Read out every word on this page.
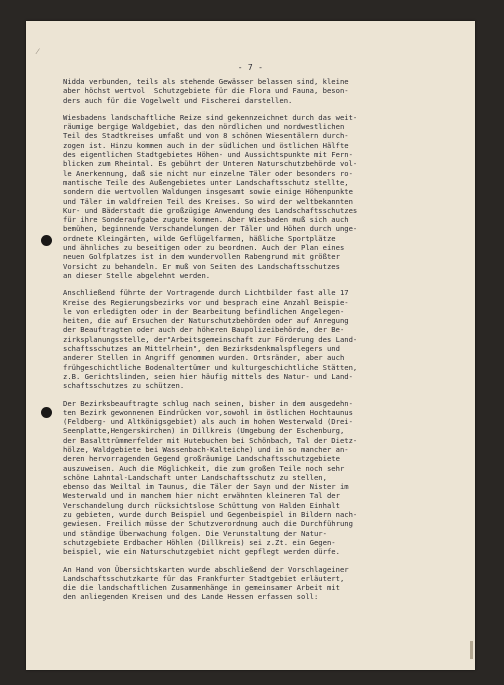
⁄
- 7 -
Nidda verbunden, teils als stehende Gewässer belassen sind, kleine
aber höchst wertvol  Schutzgebiete für die Flora und Fauna, beson-
ders auch für die Vogelwelt und Fischerei darstellen.
Wiesbadens landschaftliche Reize sind gekennzeichnet durch das weit-
räumige bergige Waldgebiet, das den nördlichen und nordwestlichen
Teil des Stadtkreises umfaßt und von 8 schönen Wiesentälern durch-
zogen ist. Hinzu kommen auch in der südlichen und östlichen Hälfte
des eigentlichen Stadtgebietes Höhen- und Aussichtspunkte mit Fern-
blicken zum Rheintal. Es gebührt der Unteren Naturschutzbehörde vol-
le Anerkennung, daß sie nicht nur einzelne Täler oder besonders ro-
mantische Teile des Außengebietes unter Landschaftsschutz stellte,
sondern die wertvollen Waldungen insgesamt sowie einige Höhenpunkte
und Täler im waldfreien Teil des Kreises. So wird der weltbekannten
Kur- und Bäderstadt die großzügige Anwendung des Landschaftsschutzes
für ihre Sonderaufgabe zugute kommen. Aber Wiesbaden muß sich auch
bemühen, beginnende Verschandelungen der Täler und Höhen durch unge-
ordnete Kleingärten, wilde Geflügelfarmen, häßliche Sportplätze
und ähnliches zu beseitigen oder zu beordnen. Auch der Plan eines
neuen Golfplatzes ist in dem wundervollen Rabengrund mit größter
Vorsicht zu behandeln. Er muß von Seiten des Landschaftsschutzes
an dieser Stelle abgelehnt werden.
Anschließend führte der Vortragende durch Lichtbilder fast alle 17
Kreise des Regierungsbezirks vor und besprach eine Anzahl Beispie-
le von erledigten oder in der Bearbeitung befindlichen Angelegen-
heiten, die auf Ersuchen der Naturschutzbehörden oder auf Anregung
der Beauftragten oder auch der höheren Baupolizeibehörde, der Be-
zirksplanungsstelle, der"Arbeitsgemeinschaft zur Förderung des Land-
schaftsschutzes am Mittelrhein", den Bezirksdenkmalspflegers und
anderer Stellen in Angriff genommen wurden. Ortsränder, aber auch
frühgeschichtliche Bodenaltertümer und kulturgeschichtliche Stätten,
z.B. Gerichtslinden, seien hier häufig mittels des Natur- und Land-
schaftsschutzes zu schützen.
Der Bezirksbeauftragte schlug nach seinen, bisher in dem ausgedehn-
ten Bezirk gewonnenen Eindrücken vor,sowohl im östlichen Hochtaunus
(Feldberg- und Altkönigsgebiet) als auch im hohen Westerwald (Drei-
Seenplatte,Hengerskirchen) in Dillkreis (Umgebung der Eschenburg,
der Basalttrümmerfelder mit Hutebuchen bei Schönbach, Tal der Dietz-
hölze, Waldgebiete bei Wassenbach-Kalteiche) und in so mancher an-
deren hervorragenden Gegend großräumige Landschaftsschutzgebiete
auszuweisen. Auch die Möglichkeit, die zum großen Teile noch sehr
schöne Lahntal-Landschaft unter Landschaftsschutz zu stellen,
ebenso das Weiltal im Taunus, die Täler der Sayn und der Nister im
Westerwald und in manchem hier nicht erwähnten kleineren Tal der
Verschandelung durch rücksichtslose Schüttung von Halden Einhalt
zu gebieten, wurde durch Beispiel und Gegenbeispiel in Bildern nach-
gewiesen. Freilich müsse der Schutzverordnung auch die Durchführung
und ständige Überwachung folgen. Die Verunstaltung der Natur-
schutzgebiete Erdbacher Höhlen (Dillkreis) sei z.Zt. ein Gegen-
beispiel, wie ein Naturschutzgebiet nicht gepflegt werden dürfe.
An Hand von Übersichtskarten wurde abschließend der Vorschlageiner
Landschaftsschutzkarte für das Frankfurter Stadtgebiet erläutert,
die die landschaftlichen Zusammenhänge in gemeinsamer Arbeit mit
den anliegenden Kreisen und des Lande Hessen erfassen soll:
